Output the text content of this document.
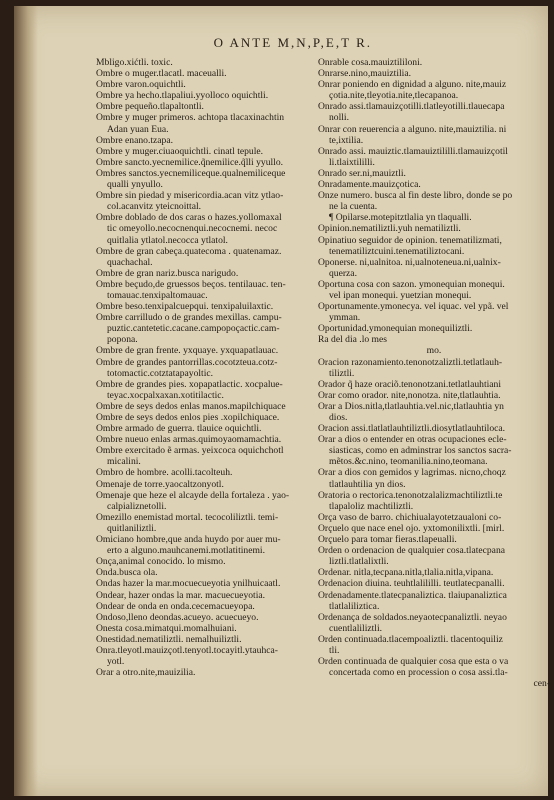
O ANTE M,N,P,E,T R.
Mbligo.xićtli. toxic.
Ombre o muger.tlacatl. maceualli.
Ombre varon.oquichtli.
Ombre ya hecho.tlapaliui.yyolloco oquichtli.
Ombre pequeño.tlapaltontli.
Ombre y muger primeros. achtopa tlacaxinachtin
Adan yuan Eua.
Ombre enano.tzapa.
Ombre y muger.ciuaoquichtli. cinatl tepule.
Ombre sancto.yecnemilice.q̃nemilice.q̃lli yyullo.
Ombres sanctos.yecnemiliceque.qualnemiliceque
qualli ynyullo.
Ombre sin piedad y misericordia.acan vitz ytlao-
col.acanvitz yteicnoittal.
Ombre doblado de dos caras o hazes.yollomaxal
tic omeyollo.necocnenqui.necocnemi. necoc
quitlalia ytlatol.necocca ytlatol.
Ombre de gran cabeça.quatecoma . quatenamaz.
quachachal.
Ombre de gran nariz.busca narigudo.
Ombre beçudo,de gruessos beços. tentilauac. ten-
tomauac.tenxipaltomauac.
Ombre beso.tenxipalcuepqui. tenxipaluilaxtic.
Ombre carrilludo o de grandes mexillas. campu-
puztic.cantetetic.cacane.campopoçactic.cam-
popona.
Ombre de gran frente. yxquaye. yxquapatlauac.
Ombre de grandes pantorrillas.cocotzteua.cotz-
totomactic.cotztatapayoltic.
Ombre de grandes pies. xopapatlactic. xocpalue-
teyac.xocpalxaxan.xotitilactic.
Ombre de seys dedos enlas manos.mapilchiquace
Ombre de seys dedos enlos pies .xopilchiquace.
Ombre armado de guerra. tlauice oquichtli.
Ombre nueuo enlas armas.quimoyaomamachtia.
Ombre exercitado ẽ armas. yeixcoca oquichchotl
micalini.
Ombro de hombre. acolli.tacolteuh.
Omenaje de torre.yaocaltzonyotl.
Omenaje que heze el alcayde della fortaleza . yao-
calpializnetolli.
Omezillo enemistad mortal. tecocoliliztli. temi-
quitlaniliztli.
Omiciano hombre,que anda huydo por auer mu-
erto a alguno.mauhcanemi.motlatitinemi.
Onça,animal conocido. lo mismo.
Onda.busca ola.
Ondas hazer la mar.mocuecueyotia ynilhuicaatl.
Ondear, hazer ondas la mar. macuecueyotia.
Ondear de onda en onda.cecemacueyopa.
Ondoso,lleno deondas.acueyo. acuecueyo.
Onesta cosa.mimatqui.momalhuiani.
Onestidad.nematiliztli. nemalhuiliztli.
Onra.tleyotl.mauizçotl.tenyotl.tocayitl.ytauhca-
yotl.
Orar a otro.nite,mauizilia.
Onrable cosa.mauiztililoni.
Onrarse.nino,mauiztilia.
Onrar poniendo en dignidad a alguno. nite,mauiz
çotia.nite,tleyotia.nite,tlecapanoa.
Onrado assi.tlamauizçotilli.tlatleyotilli.tlauecapa
nolli.
Onrar con reuerencia a alguno. nite,mauiztilia. ni
te,ixtilia.
Onrado assi. mauiztic.tlamauiztililli.tlamauizçotil
li.tlaixtililli.
Onrado ser.ni,mauiztli.
Onradamente.mauizçotica.
Onze numero. busca al fin deste libro, donde se po
ne la cuenta.
¶ Opilarse.motepitztlalia yn tlaqualli.
Opinion.nematiliztli.yuh nematiliztli.
Opinatiuo seguidor de opinion. tenematilizmati,
tenematiliztcuini.tenematiliztocani.
Oponerse. ni,ualnitoa. ni,ualnoteneua.ni,ualnix-
querza.
Oportuna cosa con sazon. ymonequian monequi.
vel ipan monequi. yuetzian monequi.
Oportunamente.ymonecya. vel iquac. vel ypã. vel
ymman.
Oportunidad.ymonequian monequiliztli.
Ra del dia .lo mes
mo.
Oracion razonamiento.tenonotzaliztli.tetlatlauh-
tiliztli.
Orador q̃ haze oraciõ.tenonotzani.tetlatlauhtiani
Orar como orador. nite,nonotza. nite,tlatlauhtia.
Orar a Dios.nitla,tlatlauhtia.vel.nic,tlatlauhtia yn
dios.
Oracion assi.tlatlatlauhtiliztli.diosytlatlauhtiloca.
Orar a dios o entender en otras ocupaciones ecle-
siasticas, como en adminstrar los sanctos sacra-
mẽtos.&c.nino, teomanilia.nino,teomana.
Orar a dios con gemidos y lagrimas. nicno,choqz
tlatlauhtilia yn dios.
Oratoria o rectorica.tenonotzalalizmachtiliztli.te
tlapaloliz machtiliztli.
Orça vaso de barro. chichiualayotetzaualoni co-
Orçuelo que nace enel ojo. yxtomonilixtli. [mirl.
Orçuelo para tomar fieras.tlapeualli.
Orden o ordenacion de qualquier cosa.tlatecpana
liztli.tlatlalixtli.
Ordenar. nitla,tecpana.nitla,tlalia.nitla,vipana.
Ordenacion diuina. teuhtlalililli. teutlatecpanalli.
Ordenadamente.tlatecpanaliztica. tlaiupanaliztica
tlatlaliliztica.
Ordenança de soldados.neyaotecpanaliztli. neyao
cuentlaliliztli.
Orden continuada.tlacempoaliztli. tlacentoquiliz
tli.
Orden continuada de qualquier cosa que esta o va
concertada como en procession o cosa assi.tla-
cen-
